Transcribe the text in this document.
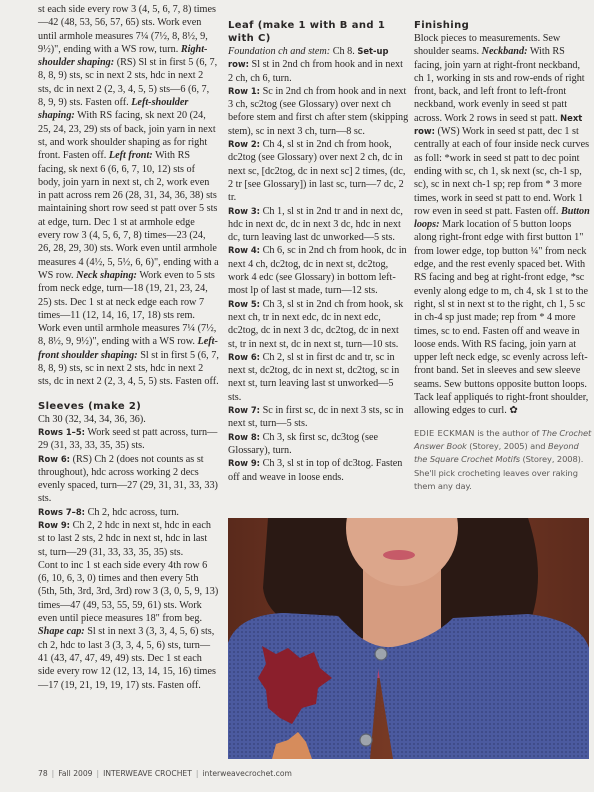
st each side every row 3 (4, 5, 6, 7, 8) times—42 (48, 53, 56, 57, 65) sts. Work even until armhole measures 7¼ (7½, 8, 8½, 9, 9½)", ending with a WS row, turn. Right-shoulder shaping: (RS) Sl st in first 5 (6, 7, 8, 8, 9) sts, sc in next 2 sts, hdc in next 2 sts, dc in next 2 (2, 3, 4, 5, 5) sts—6 (6, 7, 8, 9, 9) sts. Fasten off. Left-shoulder shaping: With RS facing, sk next 20 (24, 25, 24, 23, 29) sts of back, join yarn in next st, and work shoulder shaping as for right front. Fasten off. Left front: With RS facing, sk next 6 (6, 6, 7, 10, 12) sts of body, join yarn in next st, ch 2, work even in patt across rem 26 (28, 31, 34, 36, 38) sts maintaining short row seed st patt over 5 sts at edge, turn. Dec 1 st at armhole edge every row 3 (4, 5, 6, 7, 8) times—23 (24, 26, 28, 29, 30) sts. Work even until armhole measures 4 (4½, 5, 5½, 6, 6)", ending with a WS row. Neck shaping: Work even to 5 sts from neck edge, turn—18 (19, 21, 23, 24, 25) sts. Dec 1 st at neck edge each row 7 times—11 (12, 14, 16, 17, 18) sts rem. Work even until armhole measures 7¼ (7½, 8, 8½, 9, 9½)", ending with a WS row. Left-front shoulder shaping: Sl st in first 5 (6, 7, 8, 8, 9) sts, sc in next 2 sts, hdc in next 2 sts, dc in next 2 (2, 3, 4, 5, 5) sts. Fasten off.

Sleeves (make 2)

Ch 30 (32, 34, 34, 36, 36).

Rows 1–5: Work seed st patt across, turn—29 (31, 33, 33, 35, 35) sts.

Row 6: (RS) Ch 2 (does not counts as st throughout), hdc across working 2 decs evenly spaced, turn—27 (29, 31, 31, 33, 33) sts.

Rows 7–8: Ch 2, hdc across, turn.

Row 9: Ch 2, 2 hdc in next st, hdc in each st to last 2 sts, 2 hdc in next st, hdc in last st, turn—29 (31, 33, 33, 35, 35) sts.

Cont to inc 1 st each side every 4th row 6 (6, 10, 6, 3, 0) times and then every 5th (5th, 5th, 3rd, 3rd, 3rd) row 3 (3, 0, 5, 9, 13) times—47 (49, 53, 55, 59, 61) sts. Work even until piece measures 18" from beg. Shape cap: Sl st in next 3 (3, 3, 4, 5, 6) sts, ch 2, hdc to last 3 (3, 3, 4, 5, 6) sts, turn—41 (43, 47, 47, 49, 49) sts. Dec 1 st each side every row 12 (12, 13, 14, 15, 16) times—17 (19, 21, 19, 19, 17) sts. Fasten off.

Leaf (make 1 with B and 1 with C)

Foundation ch and stem: Ch 8. Set-up row: Sl st in 2nd ch from hook and in next 2 ch, ch 6, turn.

Row 1: Sc in 2nd ch from hook and in next 3 ch, sc2tog (see Glossary) over next ch before stem and first ch after stem (skipping stem), sc in next 3 ch, turn—8 sc.

Row 2: Ch 4, sl st in 2nd ch from hook, dc2tog (see Glossary) over next 2 ch, dc in next sc, [dc2tog, dc in next sc] 2 times, (dc, 2 tr [see Glossary]) in last sc, turn—7 dc, 2 tr.

Row 3: Ch 1, sl st in 2nd tr and in next dc, hdc in next dc, dc in next 3 dc, hdc in next dc, turn leaving last dc unworked—5 sts.

Row 4: Ch 6, sc in 2nd ch from hook, dc in next 4 ch, dc2tog, dc in next st, dc2tog, work 4 edc (see Glossary) in bottom left-most lp of last st made, turn—12 sts.

Row 5: Ch 3, sl st in 2nd ch from hook, sk next ch, tr in next edc, dc in next edc, dc2tog, dc in next 3 dc, dc2tog, dc in next st, tr in next st, dc in next st, turn—10 sts.

Row 6: Ch 2, sl st in first dc and tr, sc in next st, dc2tog, dc in next st, dc2tog, sc in next st, turn leaving last st unworked—5 sts.

Row 7: Sc in first sc, dc in next 3 sts, sc in next st, turn—5 sts.

Row 8: Ch 3, sk first sc, dc3tog (see Glossary), turn.

Row 9: Ch 3, sl st in top of dc3tog. Fasten off and weave in loose ends.

Finishing

Block pieces to measurements. Sew shoulder seams. Neckband: With RS facing, join yarn at right-front neckband, ch 1, working in sts and row-ends of right front, back, and left front to left-front neckband, work evenly in seed st patt across. Work 2 rows in seed st patt. Next row: (WS) Work in seed st patt, dec 1 st centrally at each of four inside neck curves as foll: *work in seed st patt to dec point ending with sc, ch 1, sk next (sc, ch-1 sp, sc), sc in next ch-1 sp; rep from * 3 more times, work in seed st patt to end. Work 1 row even in seed st patt. Fasten off. Button loops: Mark location of 5 button loops along right-front edge with first button 1" from lower edge, top button ¼" from neck edge, and the rest evenly spaced bet. With RS facing and beg at right-front edge, *sc evenly along edge to m, ch 4, sk 1 st to the right, sl st in next st to the right, ch 1, 5 sc in ch-4 sp just made; rep from * 4 more times, sc to end. Fasten off and weave in loose ends. With RS facing, join yarn at upper left neck edge, sc evenly across left-front band. Set in sleeves and sew sleeve seams. Sew buttons opposite button loops. Tack leaf appliqués to right-front shoulder, allowing edges to curl. ✿

EDIE ECKMAN is the author of The Crochet Answer Book (Storey, 2005) and Beyond the Square Crochet Motifs (Storey, 2008). She'll pick crocheting leaves over raking them any day.

78 | Fall 2009 | INTERWEAVE CROCHET | interweavecrochet.com
